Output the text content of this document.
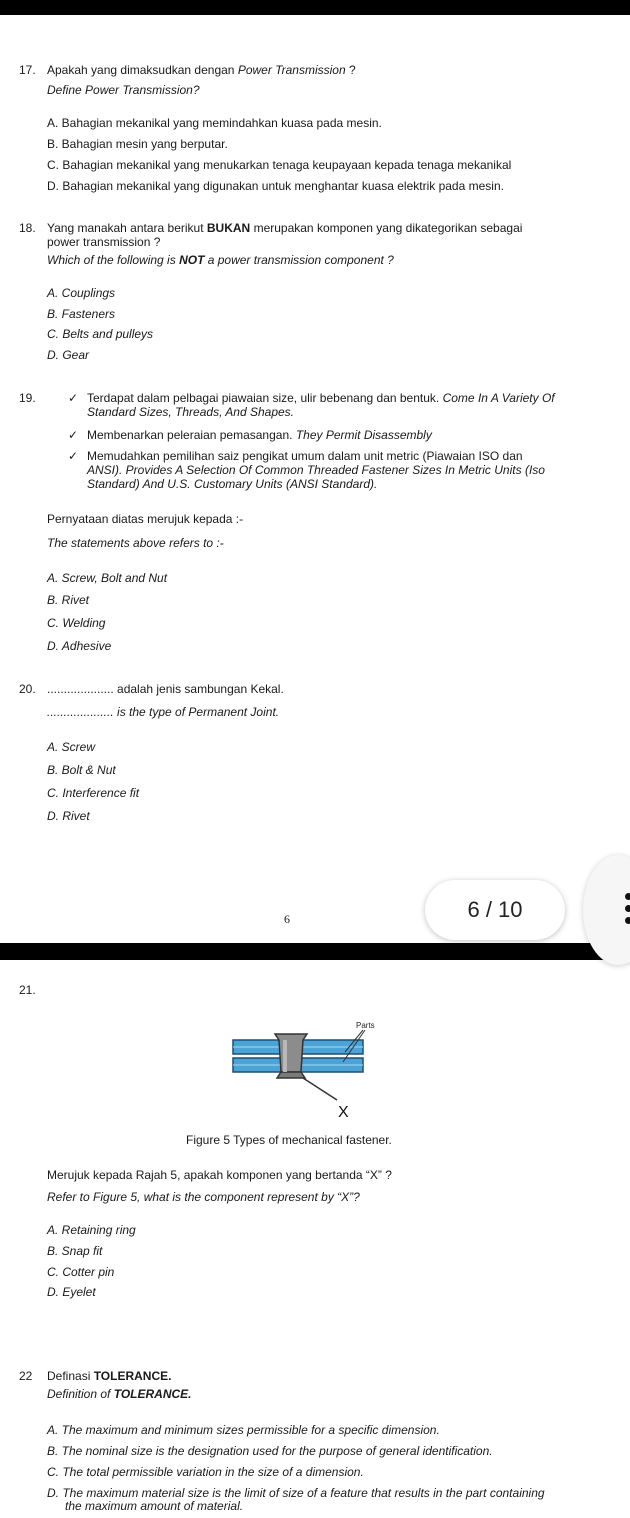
17. Apakah yang dimaksudkan dengan Power Transmission ?
Define Power Transmission?
A. Bahagian mekanikal yang memindahkan kuasa pada mesin.
B. Bahagian mesin yang berputar.
C. Bahagian mekanikal yang menukarkan tenaga keupayaan kepada tenaga mekanikal
D. Bahagian mekanikal yang digunakan untuk menghantar kuasa elektrik pada mesin.
18. Yang manakah antara berikut BUKAN merupakan komponen yang dikategorikan sebagai
power transmission ?
Which of the following is NOT a power transmission component ?
A. Couplings
B. Fasteners
C. Belts and pulleys
D. Gear
19.	✓ Terdapat dalam pelbagai piawaian size, ulir bebenang dan bentuk. Come In A Variety Of
Standard Sizes, Threads, And Shapes.
✓ Membenarkan peleraian pemasangan. They Permit Disassembly
✓ Memudahkan pemilihan saiz pengikat umum dalam unit metric (Piawaian ISO dan
ANSI). Provides A Selection Of Common Threaded Fastener Sizes In Metric Units (Iso
Standard) And U.S. Customary Units (ANSI Standard).
Pernyataan diatas merujuk kepada :-
The statements above refers to :-
A. Screw, Bolt and Nut
B. Rivet
C. Welding
D. Adhesive
20. .................... adalah jenis sambungan Kekal.
.................... is the type of Permanent Joint.
A. Screw
B. Bolt & Nut
C. Interference fit
D. Rivet
6	6 / 10
21.
Parts
X
Figure 5 Types of mechanical fastener.
Merujuk kepada Rajah 5, apakah komponen yang bertanda “X” ?
Refer to Figure 5, what is the component represent by “X”?
A. Retaining ring
B. Snap fit
C. Cotter pin
D. Eyelet
22 Definasi TOLERANCE.
Definition of TOLERANCE.
A. The maximum and minimum sizes permissible for a specific dimension.
B. The nominal size is the designation used for the purpose of general identification.
C. The total permissible variation in the size of a dimension.
D. The maximum material size is the limit of size of a feature that results in the part containing
the maximum amount of material.
